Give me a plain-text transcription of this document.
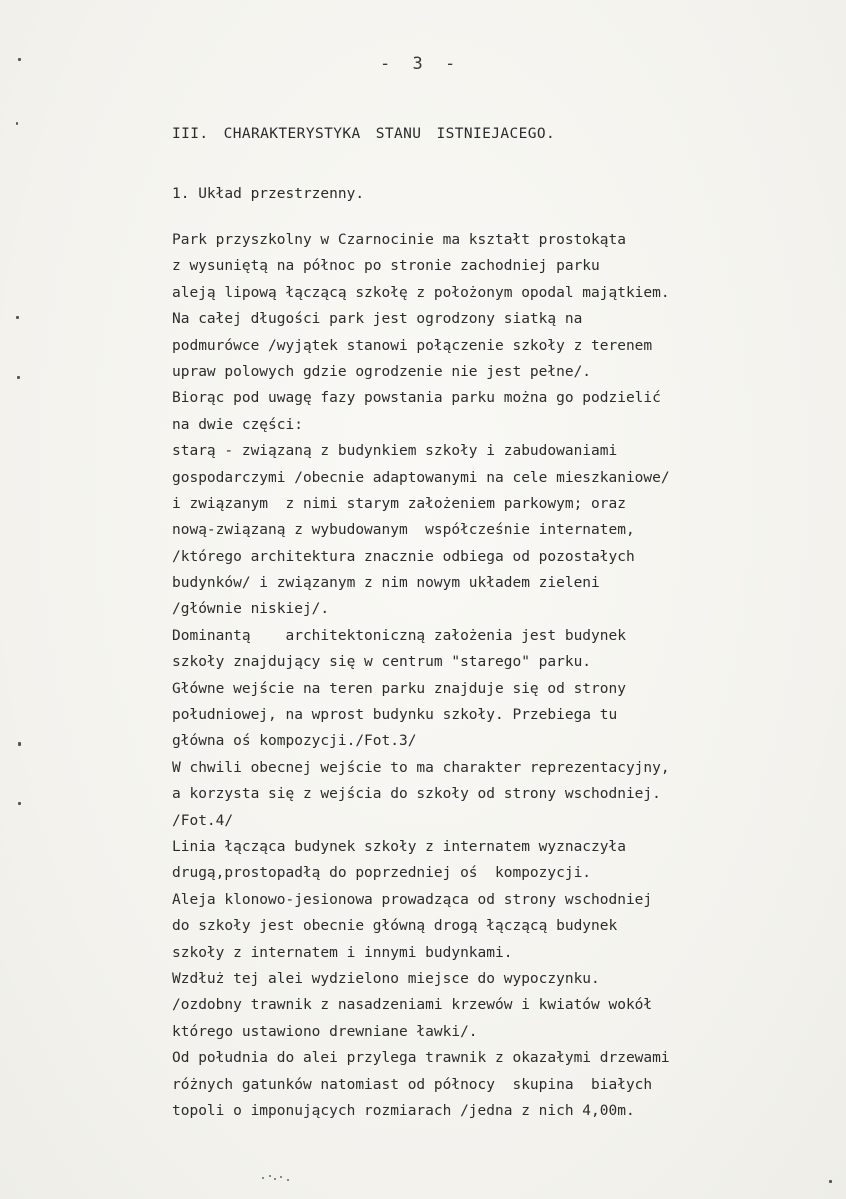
- 3 -
III. CHARAKTERYSTYKA STANU ISTNIEJACEGO.
1. Układ przestrzenny.
Park przyszkolny w Czarnocinie ma kształt prostokąta
z wysuniętą na północ po stronie zachodniej parku
aleją lipową łączącą szkołę z położonym opodal majątkiem.
Na całej długości park jest ogrodzony siatką na
podmurówce /wyjątek stanowi połączenie szkoły z terenem
upraw polowych gdzie ogrodzenie nie jest pełne/.
Biorąc pod uwagę fazy powstania parku można go podzielić
na dwie części:
starą - związaną z budynkiem szkoły i zabudowaniami
gospodarczymi /obecnie adaptowanymi na cele mieszkaniowe/
i związanym  z nimi starym założeniem parkowym; oraz
nową-związaną z wybudowanym  współcześnie internatem,
/którego architektura znacznie odbiega od pozostałych
budynków/ i związanym z nim nowym układem zieleni
/głównie niskiej/.
Dominantą    architektoniczną założenia jest budynek
szkoły znajdujący się w centrum "starego" parku.
Główne wejście na teren parku znajduje się od strony
południowej, na wprost budynku szkoły. Przebiega tu
główna oś kompozycji./Fot.3/
W chwili obecnej wejście to ma charakter reprezentacyjny,
a korzysta się z wejścia do szkoły od strony wschodniej.
/Fot.4/
Linia łącząca budynek szkoły z internatem wyznaczyła
drugą,prostopadłą do poprzedniej oś  kompozycji.
Aleja klonowo-jesionowa prowadząca od strony wschodniej
do szkoły jest obecnie główną drogą łączącą budynek
szkoły z internatem i innymi budynkami.
Wzdłuż tej alei wydzielono miejsce do wypoczynku.
/ozdobny trawnik z nasadzeniami krzewów i kwiatów wokół
którego ustawiono drewniane ławki/.
Od południa do alei przylega trawnik z okazałymi drzewami
różnych gatunków natomiast od północy  skupina  białych
topoli o imponujących rozmiarach /jedna z nich 4,00m.
